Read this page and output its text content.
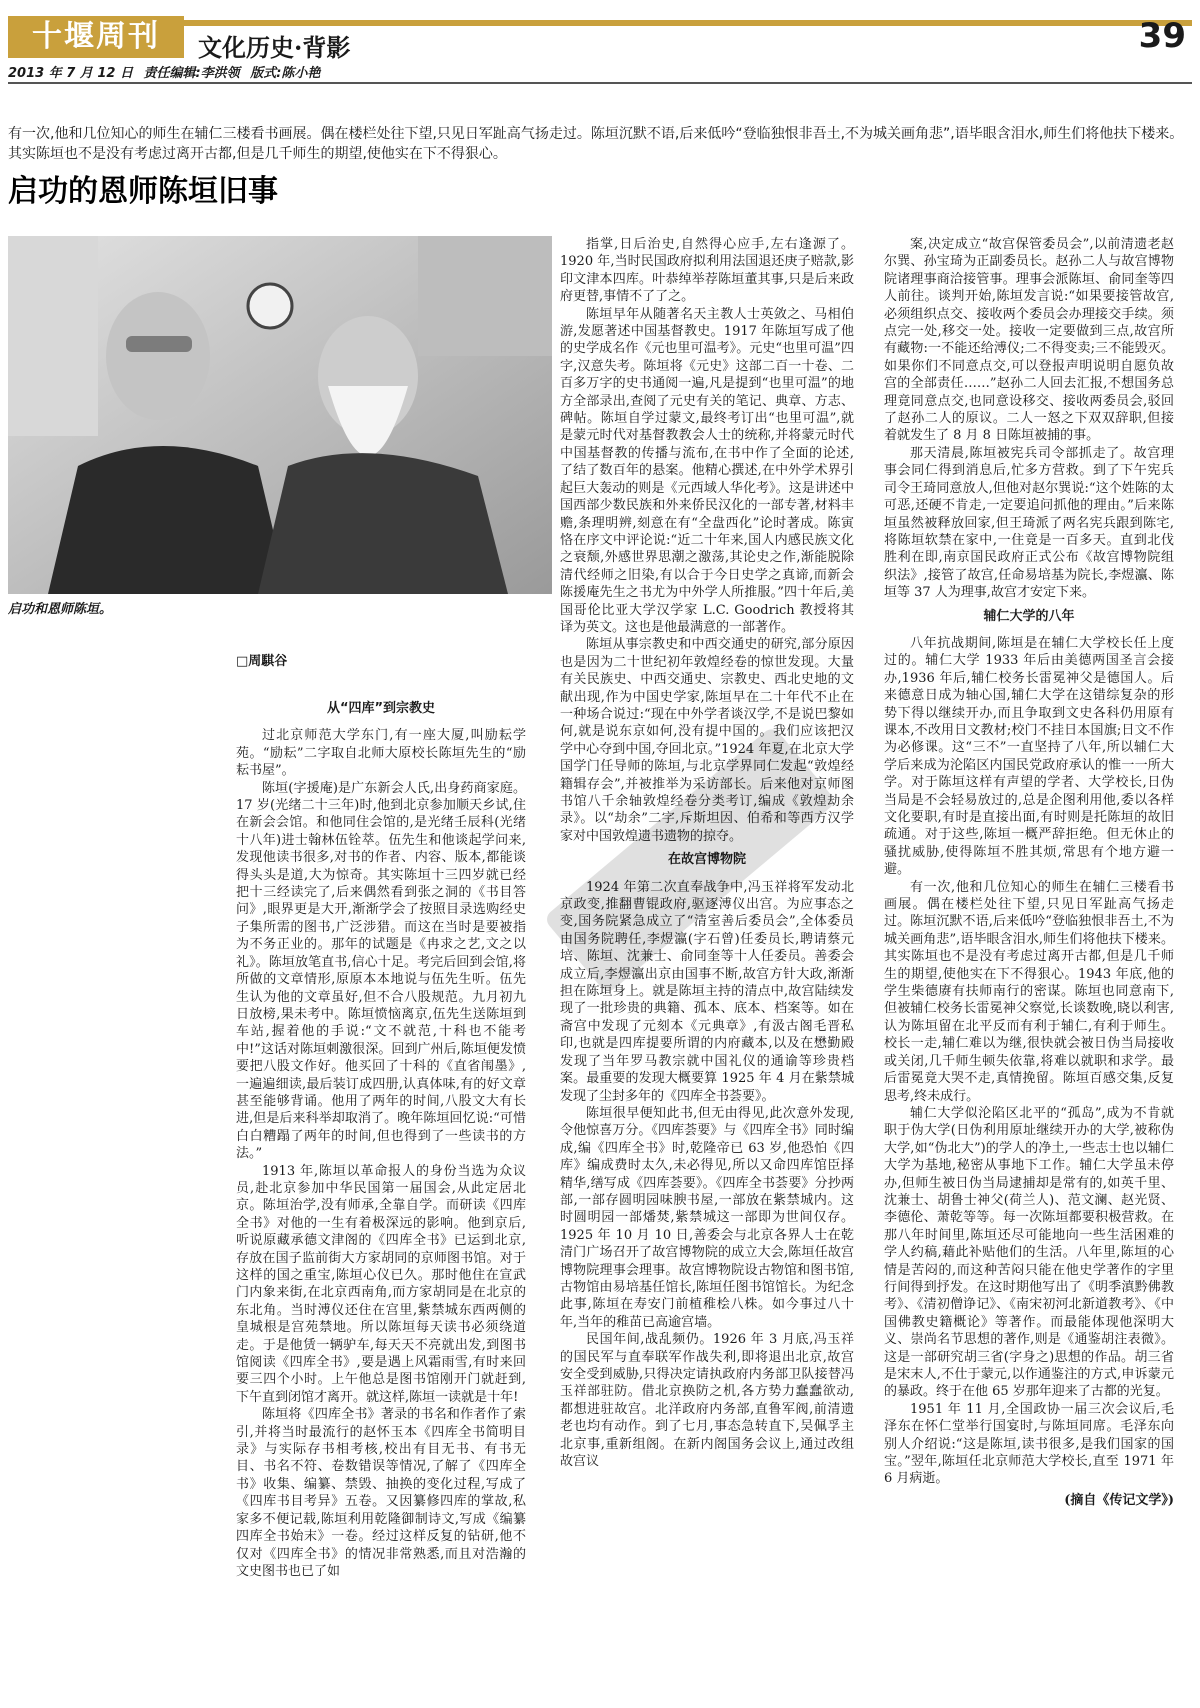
十堰周刊	文化历史·背影	39
2013 年 7 月 12 日 责任编辑:李洪领 版式:陈小艳
有一次,他和几位知心的师生在辅仁三楼看书画展。偶在楼栏处往下望,只见日军趾高气扬走过。陈垣沉默不语,后来低吟“登临独恨非吾土,不为城关画角悲”,语毕眼含泪水,师生们将他扶下楼来。其实陈垣也不是没有考虑过离开古都,但是几千师生的期望,使他实在下不得狠心。
启功的恩师陈垣旧事
启功和恩师陈垣。
□周騏谷
从“四库”到宗教史

过北京师范大学东门,有一座大厦,叫励耘学苑。“励耘”二字取自北师大原校长陈垣先生的“励耘书屋”。

陈垣(字援庵)是广东新会人氏,出身药商家庭。17 岁(光绪二十三年)时,他到北京参加顺天乡试,住在新会会馆。和他同住会馆的,是光绪壬辰科(光绪十八年)进士翰林伍铨萃。伍先生和他谈起学问来,发现他读书很多,对书的作者、内容、版本,都能谈得头头是道,大为惊奇。其实陈垣十三四岁就已经把十三经读完了,后来偶然看到张之洞的《书目答问》,眼界更是大开,渐渐学会了按照目录选购经史子集所需的图书,广泛涉猎。而这在当时是要被指为不务正业的。那年的试题是《冉求之艺,文之以礼》。陈垣放笔直书,信心十足。考完后回到会馆,将所做的文章情形,原原本本地说与伍先生听。伍先生认为他的文章虽好,但不合八股规范。九月初九日放榜,果未考中。陈垣愤恼离京,伍先生送陈垣到车站,握着他的手说:“文不就范,十科也不能考中!”这话对陈垣刺激很深。回到广州后,陈垣便发愤要把八股文作好。他买回了十科的《直省闱墨》,一遍遍细读,最后装订成四册,认真体味,有的好文章甚至能够背诵。他用了两年的时间,八股文大有长进,但是后来科举却取消了。晚年陈垣回忆说:“可惜白白糟蹋了两年的时间,但也得到了一些读书的方法。”

1913 年,陈垣以革命报人的身份当选为众议员,赴北京参加中华民国第一届国会,从此定居北京。陈垣治学,没有师承,全靠自学。而研读《四库全书》对他的一生有着极深远的影响。他到京后,听说原藏承德文津阁的《四库全书》已运到北京,存放在国子监前街大方家胡同的京师图书馆。对于这样的国之重宝,陈垣心仪已久。那时他住在宣武门内象来街,在北京西南角,而方家胡同是在北京的东北角。当时溥仪还住在宫里,紫禁城东西两侧的皇城根是宫苑禁地。所以陈垣每天读书必须绕道走。于是他赁一辆驴车,每天天不亮就出发,到图书馆阅读《四库全书》,要是遇上风霜雨雪,有时来回要三四个小时。上午他总是图书馆刚开门就赶到,下午直到闭馆才离开。就这样,陈垣一读就是十年!

陈垣将《四库全书》著录的书名和作者作了索引,并将当时最流行的赵怀玉本《四库全书简明目录》与实际存书相考核,校出有目无书、有书无目、书名不符、卷数错误等情况,了解了《四库全书》收集、编纂、禁毁、抽换的变化过程,写成了《四库书目考异》五卷。又因纂修四库的掌故,私家多不便记载,陈垣利用乾隆御制诗文,写成《编纂四库全书始末》一卷。经过这样反复的钻研,他不仅对《四库全书》的情况非常熟悉,而且对浩瀚的文史图书也已了如

指掌,日后治史,自然得心应手,左右逢源了。1920 年,当时民国政府拟利用法国退还庚子赔款,影印文津本四库。叶恭绰举荐陈垣董其事,只是后来政府更替,事情不了了之。

陈垣早年从随著名天主教人士英敛之、马相伯游,发愿著述中国基督教史。1917 年陈垣写成了他的史学成名作《元也里可温考》。元史“也里可温”四字,汉意失考。陈垣将《元史》这部二百一十卷、二百多万字的史书通阅一遍,凡是提到“也里可温”的地方全部录出,查阅了元史有关的笔记、典章、方志、碑帖。陈垣自学过蒙文,最终考订出“也里可温”,就是蒙元时代对基督教教会人士的统称,并将蒙元时代中国基督教的传播与流布,在书中作了全面的论述,了结了数百年的悬案。他精心撰述,在中外学术界引起巨大轰动的则是《元西域人华化考》。这是讲述中国西部少数民族和外来侨民汉化的一部专著,材料丰赡,条理明辨,刻意在有“全盘西化”论时著成。陈寅恪在序文中评论说:“近二十年来,国人内感民族文化之衰颓,外感世界思潮之激荡,其论史之作,渐能脱除清代经师之旧染,有以合于今日史学之真谛,而新会陈援庵先生之书尤为中外学人所推服。”四十年后,美国哥伦比亚大学汉学家 L.C. Goodrich 教授将其译为英文。这也是他最满意的一部著作。

陈垣从事宗教史和中西交通史的研究,部分原因也是因为二十世纪初年敦煌经卷的惊世发现。大量有关民族史、中西交通史、宗教史、西北史地的文献出现,作为中国史学家,陈垣早在二十年代不止在一种场合说过:“现在中外学者谈汉学,不是说巴黎如何,就是说东京如何,没有提中国的。我们应该把汉学中心夺到中国,夺回北京。”1924 年夏,在北京大学国学门任导师的陈垣,与北京学界同仁发起“敦煌经籍辑存会”,并被推举为采访部长。后来他对京师图书馆八千余轴敦煌经卷分类考订,编成《敦煌劫余录》。以“劫余”二字,斥斯坦因、伯希和等西方汉学家对中国敦煌遗书遗物的掠夺。

在故宫博物院

1924 年第二次直奉战争中,冯玉祥将军发动北京政变,推翻曹锟政府,驱逐溥仪出宫。为应事态之变,国务院紧急成立了“清室善后委员会”,全体委员由国务院聘任,李煜瀛(字石曾)任委员长,聘请蔡元培、陈垣、沈兼士、俞同奎等十人任委员。善委会成立后,李煜瀛出京由国事不断,故宫方针大政,渐渐担在陈垣身上。就是陈垣主持的清点中,故宫陆续发现了一批珍贵的典籍、孤本、底本、档案等。如在斋宫中发现了元刻本《元典章》,有汲古阁毛晋私印,也就是四库提要所谓的内府藏本,以及在懋勤殿发现了当年罗马教宗就中国礼仪的通谕等珍贵档案。最重要的发现大概要算 1925 年 4 月在紫禁城发现了尘封多年的《四库全书荟要》。

陈垣很早便知此书,但无由得见,此次意外发现,令他惊喜万分。《四库荟要》与《四库全书》同时编成,编《四库全书》时,乾隆帝已 63 岁,他恐怕《四库》编成费时太久,未必得见,所以又命四库馆臣择精华,缮写成《四库荟要》。《四库全书荟要》分抄两部,一部存圆明园味腴书屋,一部放在紫禁城内。这时圆明园一部燔焚,紫禁城这一部即为世间仅存。1925 年 10 月 10 日,善委会与北京各界人士在乾清门广场召开了故宫博物院的成立大会,陈垣任故宫博物院理事会理事。故宫博物院设古物馆和图书馆,古物馆由易培基任馆长,陈垣任图书馆馆长。为纪念此事,陈垣在寿安门前植稚桧八株。如今事过八十年,当年的稚苗已高逾宫墙。

民国年间,战乱频仍。1926 年 3 月底,冯玉祥的国民军与直奉联军作战失利,即将退出北京,故宫安全受到威胁,只得决定请执政府内务部卫队接替冯玉祥部驻防。借北京换防之机,各方势力蠢蠢欲动,都想进驻故宫。北洋政府内务部,直鲁军阀,前清遗老也均有动作。到了七月,事态急转直下,吴佩孚主北京事,重新组阁。在新内阁国务会议上,通过改组故宫议

案,决定成立“故宫保管委员会”,以前清遗老赵尔巽、孙宝琦为正副委员长。赵孙二人与故宫博物院诸理事商洽接管事。理事会派陈垣、俞同奎等四人前往。谈判开始,陈垣发言说:“如果要接管故宫,必须组织点交、接收两个委员会办理接交手续。须点完一处,移交一处。接收一定要做到三点,故宫所有藏物:一不能还给溥仪;二不得变卖;三不能毁灭。如果你们不同意点交,可以登报声明说明自愿负故宫的全部责任……”赵孙二人回去汇报,不想国务总理竟同意点交,也同意设移交、接收两委员会,驳回了赵孙二人的原议。二人一怒之下双双辞职,但接着就发生了 8 月 8 日陈垣被捕的事。

那天清晨,陈垣被宪兵司令部抓走了。故宫理事会同仁得到消息后,忙多方营救。到了下午宪兵司令王琦同意放人,但他对赵尔巽说:“这个姓陈的太可恶,还硬不肯走,一定要追问抓他的理由。”后来陈垣虽然被释放回家,但王琦派了两名宪兵跟到陈宅,将陈垣软禁在家中,一住竟是一百多天。直到北伐胜利在即,南京国民政府正式公布《故宫博物院组织法》,接管了故宫,任命易培基为院长,李煜瀛、陈垣等 37 人为理事,故宫才安定下来。

辅仁大学的八年

八年抗战期间,陈垣是在辅仁大学校长任上度过的。辅仁大学 1933 年后由美德两国圣言会接办,1936 年后,辅仁校务长雷冕神父是德国人。后来德意日成为轴心国,辅仁大学在这错综复杂的形势下得以继续开办,而且争取到文史各科仍用原有课本,不改用日文教材;校门不挂日本国旗;日文不作为必修课。这“三不”一直坚持了八年,所以辅仁大学后来成为沦陷区内国民党政府承认的惟一一所大学。对于陈垣这样有声望的学者、大学校长,日伪当局是不会轻易放过的,总是企图利用他,委以各样文化要职,有时是直接出面,有时则是托陈垣的故旧疏通。对于这些,陈垣一概严辞拒绝。但无休止的骚扰威胁,使得陈垣不胜其烦,常思有个地方避一避。

有一次,他和几位知心的师生在辅仁三楼看书画展。偶在楼栏处往下望,只见日军趾高气扬走过。陈垣沉默不语,后来低吟“登临独恨非吾土,不为城关画角悲”,语毕眼含泪水,师生们将他扶下楼来。其实陈垣也不是没有考虑过离开古都,但是几千师生的期望,使他实在下不得狠心。1943 年底,他的学生柴德赓有扶师南行的密谋。陈垣也同意南下,但被辅仁校务长雷冕神父察觉,长谈数晚,晓以利害,认为陈垣留在北平反而有利于辅仁,有利于师生。校长一走,辅仁难以为继,很快就会被日伪当局接收或关闭,几千师生顿失依靠,将难以就职和求学。最后雷冕竟大哭不走,真情挽留。陈垣百感交集,反复思考,终未成行。

辅仁大学似沦陷区北平的“孤岛”,成为不肯就职于伪大学(日伪利用原址继续开办的大学,被称伪大学,如“伪北大”)的学人的净土,一些志士也以辅仁大学为基地,秘密从事地下工作。辅仁大学虽未停办,但师生被日伪当局逮捕却是常有的,如英千里、沈兼士、胡鲁士神父(荷兰人)、范文澜、赵光贤、李德伦、萧乾等等。每一次陈垣都要积极营救。在那八年时间里,陈垣还尽可能地向一些生活困难的学人约稿,藉此补贴他们的生活。八年里,陈垣的心情是苦闷的,而这种苦闷只能在他史学著作的字里行间得到抒发。在这时期他写出了《明季滇黔佛教考》、《清初僧诤记》、《南宋初河北新道教考》、《中国佛教史籍概论》等著作。而最能体现他深明大义、崇尚名节思想的著作,则是《通鉴胡注表微》。这是一部研究胡三省(字身之)思想的作品。胡三省是宋末人,不仕于蒙元,以作通鉴注的方式,申诉蒙元的暴政。终于在他 65 岁那年迎来了古都的光复。

1951 年 11 月,全国政协一届三次会议后,毛泽东在怀仁堂举行国宴时,与陈垣同席。毛泽东向别人介绍说:“这是陈垣,读书很多,是我们国家的国宝。”翌年,陈垣任北京师范大学校长,直至 1971 年 6 月病逝。

(摘自《传记文学》)
